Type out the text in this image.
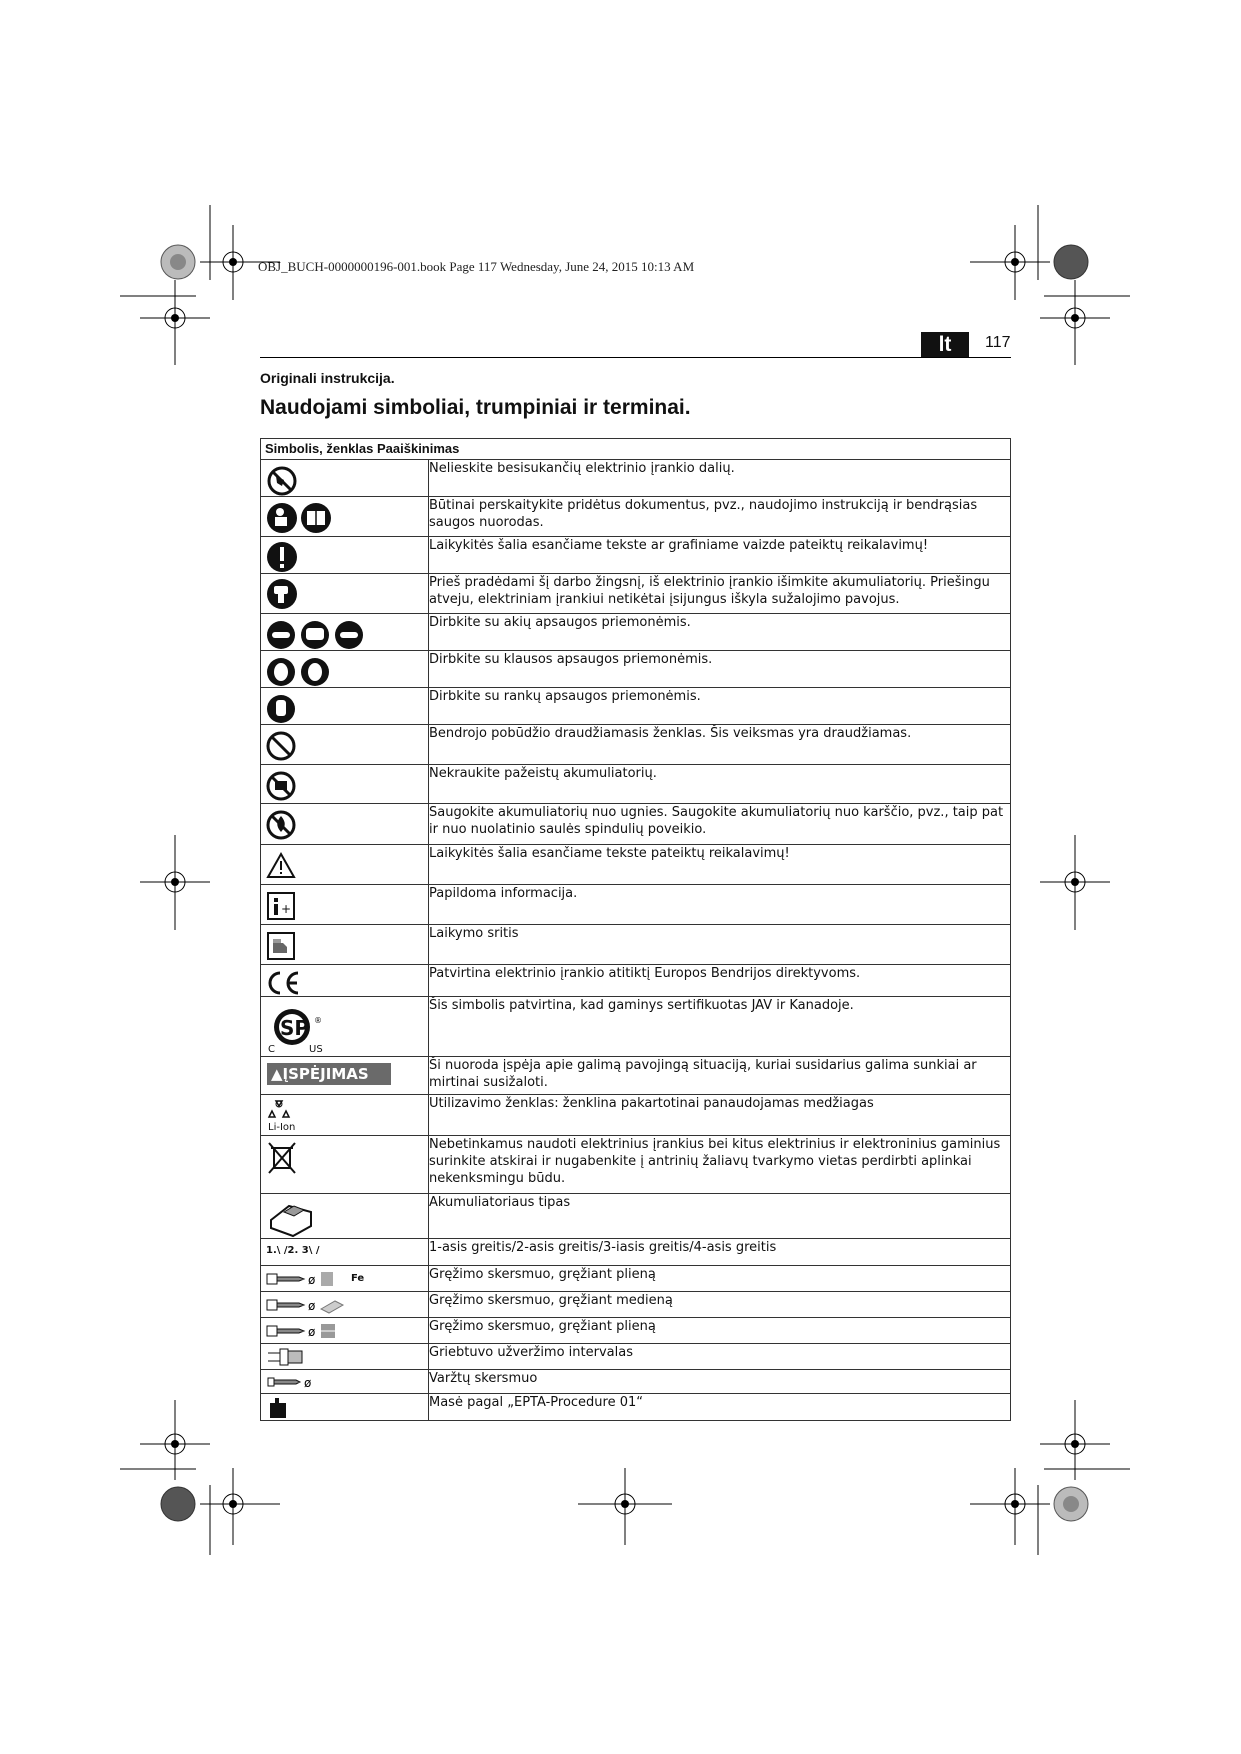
OBJ_BUCH-0000000196-001.book Page 117 Wednesday, June 24, 2015 10:13 AM
lt	117
Originali instrukcija.
Naudojami simboliai, trumpiniai ir terminai.
Simbolis, ženklas Paaiškinimas	

	Nelieskite besisukančių elektrinio įrankio dalių.

	Būtinai perskaitykite pridėtus dokumentus, pvz., naudojimo instrukciją ir bendrąsias saugos nuorodas.

	Laikykitės šalia esančiame tekste ar grafiniame vaizde pateiktų reikalavimų!

	Prieš pradėdami šį darbo žingsnį, iš elektrinio įrankio išimkite akumuliatorių. Priešingu atveju, elektriniam įrankiui netikėtai įsijungus iškyla sužalojimo pavojus.

	Dirbkite su akių apsaugos priemonėmis.

	Dirbkite su klausos apsaugos priemonėmis.

	Dirbkite su rankų apsaugos priemonėmis.

	Bendrojo pobūdžio draudžiamasis ženklas. Šis veiksmas yra draudžiamas.

	Nekraukite pažeistų akumuliatorių.

	Saugokite akumuliatorių nuo ugnies. Saugokite akumuliatorių nuo karščio, pvz., taip pat ir nuo nuolatinio saulės spindulių poveikio.

	Laikykitės šalia esančiame tekste pateiktų reikalavimų!

+	Papildoma informacija.

	Laikymo sritis

	Patvirtina elektrinio įrankio atitiktį Europos Bendrijos direktyvoms.

SP ®
C US	Šis simbolis patvirtina, kad gaminys sertifikuotas JAV ir Kanadoje.

▲ĮSPĖJIMAS	Ši nuoroda įspėja apie galimą pavojingą situaciją, kuriai susidarius galima sunkiai ar mirtinai susižaloti.

Li-Ion	Utilizavimo ženklas: ženklina pakartotinai panaudojamas medžiagas

	Nebetinkamus naudoti elektrinius įrankius bei kitus elektrinius ir elektroninius gaminius surinkite atskirai ir nugabenkite į antrinių žaliavų tvarkymo vietas perdirbti aplinkai nekenksmingu būdu.

	Akumuliatoriaus tipas

1.\ /2. 3\ /	1-asis greitis/2-asis greitis/3-iasis greitis/4-asis greitis

ø Fe	Gręžimo skersmuo, gręžiant plieną

ø	Gręžimo skersmuo, gręžiant medieną

ø	Gręžimo skersmuo, gręžiant plieną

	Griebtuvo užveržimo intervalas

ø	Varžtų skersmuo

	Masė pagal „EPTA-Procedure 01“
